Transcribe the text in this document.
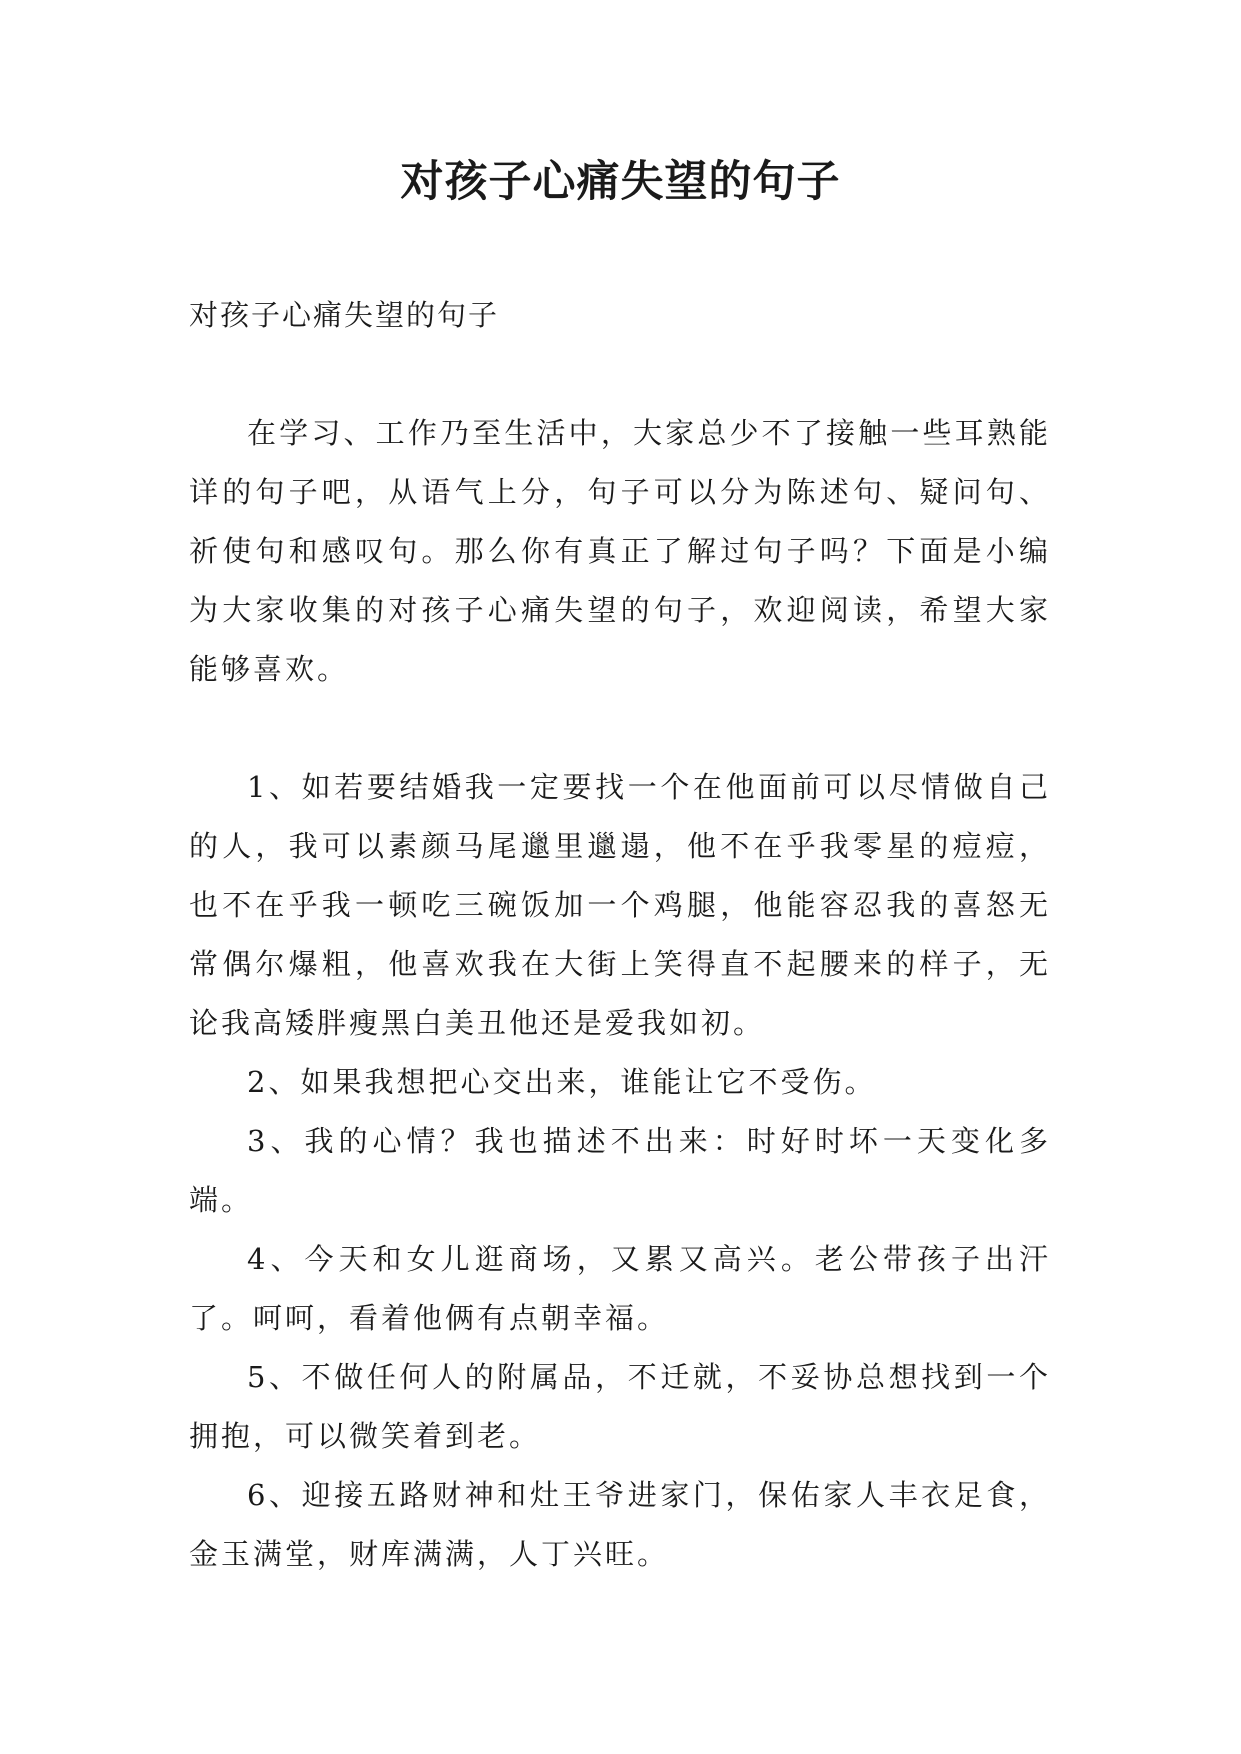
对孩子心痛失望的句子

对孩子心痛失望的句子

在学习、工作乃至生活中，大家总少不了接触一些耳熟能详的句子吧，从语气上分，句子可以分为陈述句、疑问句、祈使句和感叹句。那么你有真正了解过句子吗？下面是小编为大家收集的对孩子心痛失望的句子，欢迎阅读，希望大家能够喜欢。

1、如若要结婚我一定要找一个在他面前可以尽情做自己的人，我可以素颜马尾邋里邋遢，他不在乎我零星的痘痘，也不在乎我一顿吃三碗饭加一个鸡腿，他能容忍我的喜怒无常偶尔爆粗，他喜欢我在大街上笑得直不起腰来的样子，无论我高矮胖瘦黑白美丑他还是爱我如初。

2、如果我想把心交出来，谁能让它不受伤。

3、我的心情？我也描述不出来：时好时坏一天变化多端。

4、今天和女儿逛商场，又累又高兴。老公带孩子出汗了。呵呵，看着他俩有点朝幸福。

5、不做任何人的附属品，不迁就，不妥协总想找到一个拥抱，可以微笑着到老。

6、迎接五路财神和灶王爷进家门，保佑家人丰衣足食，金玉满堂，财库满满，人丁兴旺。
